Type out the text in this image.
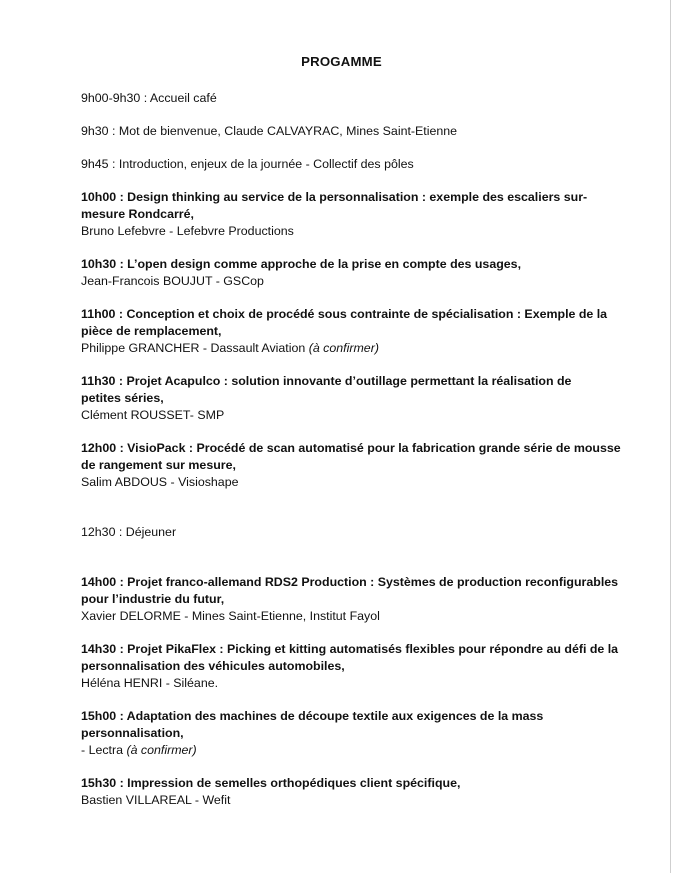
PROGAMME
9h00-9h30 : Accueil café
9h30 : Mot de bienvenue, Claude CALVAYRAC, Mines Saint-Etienne
9h45 : Introduction, enjeux de la journée - Collectif des pôles
10h00 : Design thinking au service de la personnalisation : exemple des escaliers sur-
mesure Rondcarré,
Bruno Lefebvre - Lefebvre Productions
10h30 : L’open design comme approche de la prise en compte des usages,
Jean-Francois BOUJUT - GSCop
11h00 : Conception et choix de procédé sous contrainte de spécialisation : Exemple de la
pièce de remplacement,
Philippe GRANCHER - Dassault Aviation (à confirmer)
11h30 : Projet Acapulco : solution innovante d’outillage permettant la réalisation de
petites séries,
Clément ROUSSET- SMP
12h00 : VisioPack : Procédé de scan automatisé pour la fabrication grande série de mousse
de rangement sur mesure,
Salim ABDOUS - Visioshape
12h30 : Déjeuner
14h00 : Projet franco-allemand RDS2 Production : Systèmes de production reconfigurables
pour l’industrie du futur,
Xavier DELORME - Mines Saint-Etienne, Institut Fayol
14h30 : Projet PikaFlex : Picking et kitting automatisés flexibles pour répondre au défi de la
personnalisation des véhicules automobiles,
Héléna HENRI - Siléane.
15h00 : Adaptation des machines de découpe textile aux exigences de la mass
personnalisation,
- Lectra (à confirmer)
15h30 : Impression de semelles orthopédiques client spécifique,
Bastien VILLAREAL - Wefit
